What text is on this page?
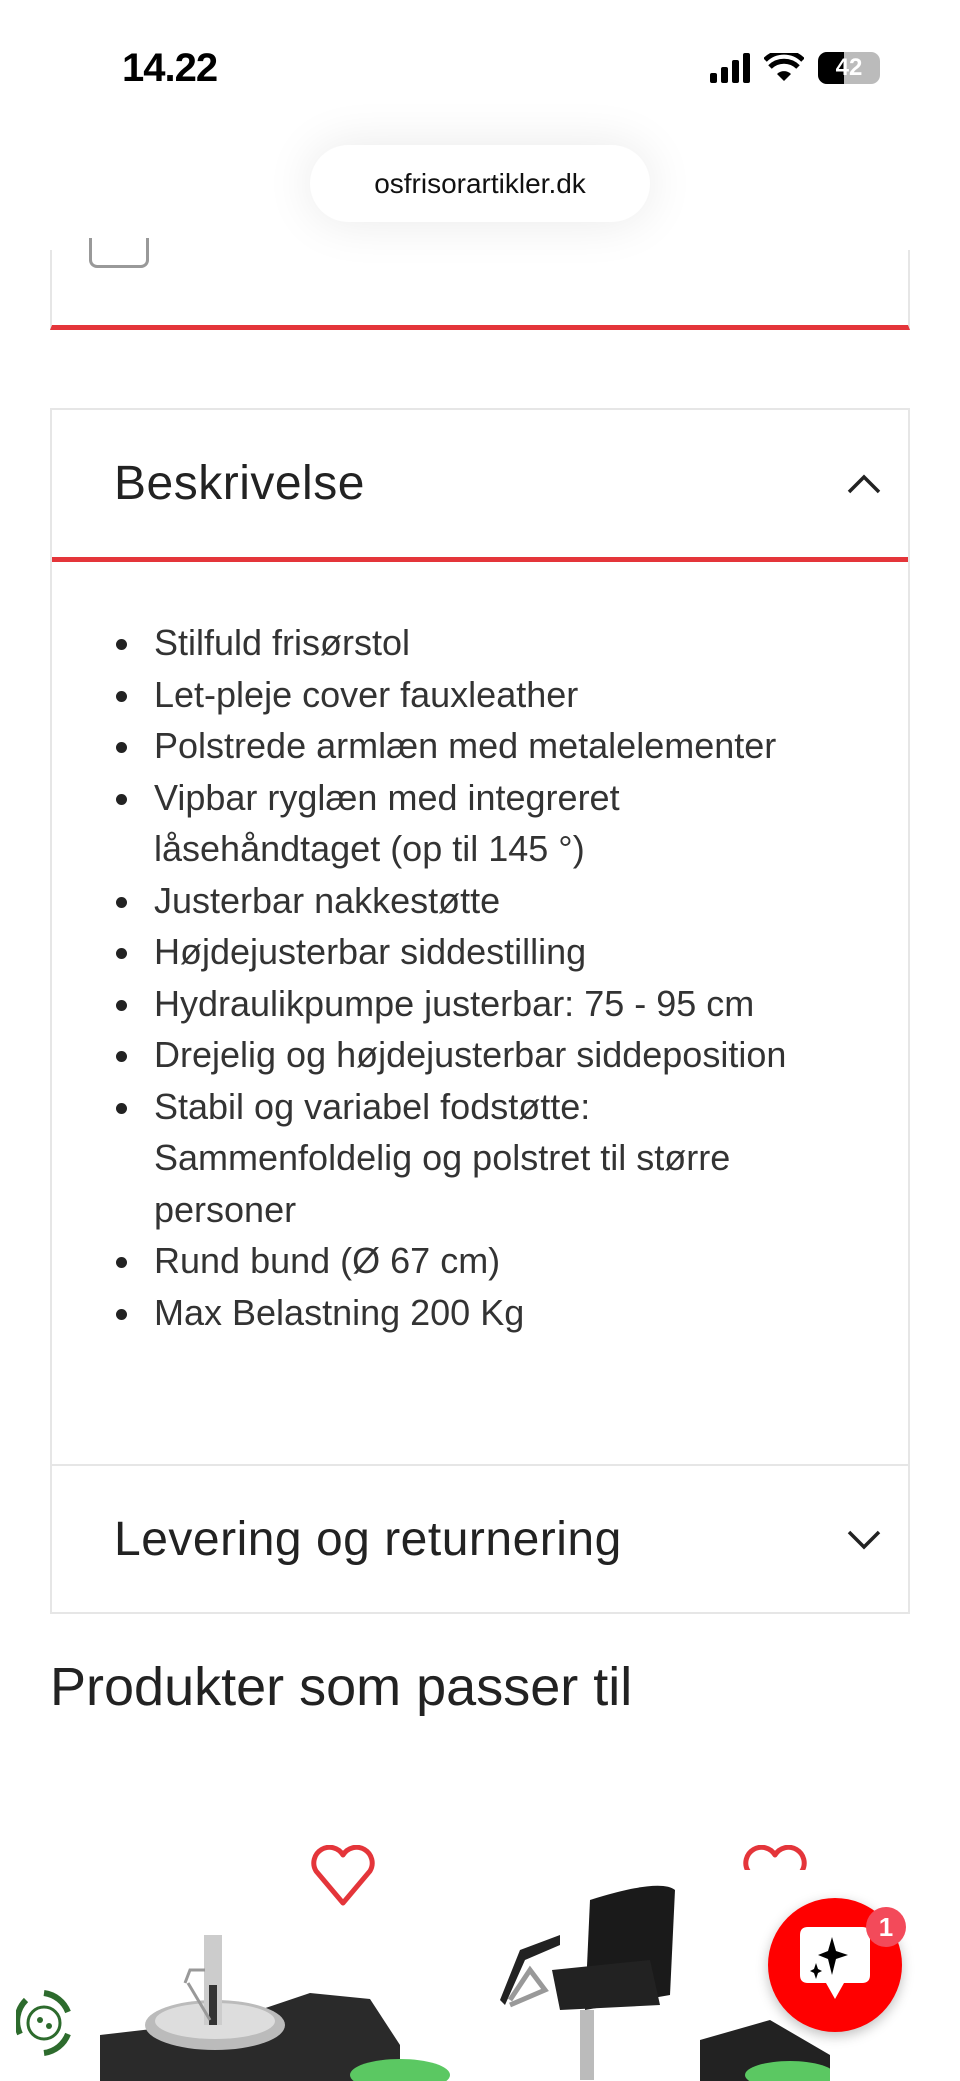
14.22	42
osfrisorartikler.dk
Beskrivelse
Stilfuld frisørstol
Let-pleje cover fauxleather
Polstrede armlæn med metalelementer
Vipbar ryglæn med integreret låsehåndtaget (op til 145 °)
Justerbar nakkestøtte
Højdejusterbar siddestilling
Hydraulikpumpe justerbar: 75 - 95 cm
Drejelig og højdejusterbar siddeposition
Stabil og variabel fodstøtte: Sammenfoldelig og polstret til større personer
Rund bund (Ø 67 cm)
Max Belastning 200 Kg
Levering og returnering
Produkter som passer til
1
